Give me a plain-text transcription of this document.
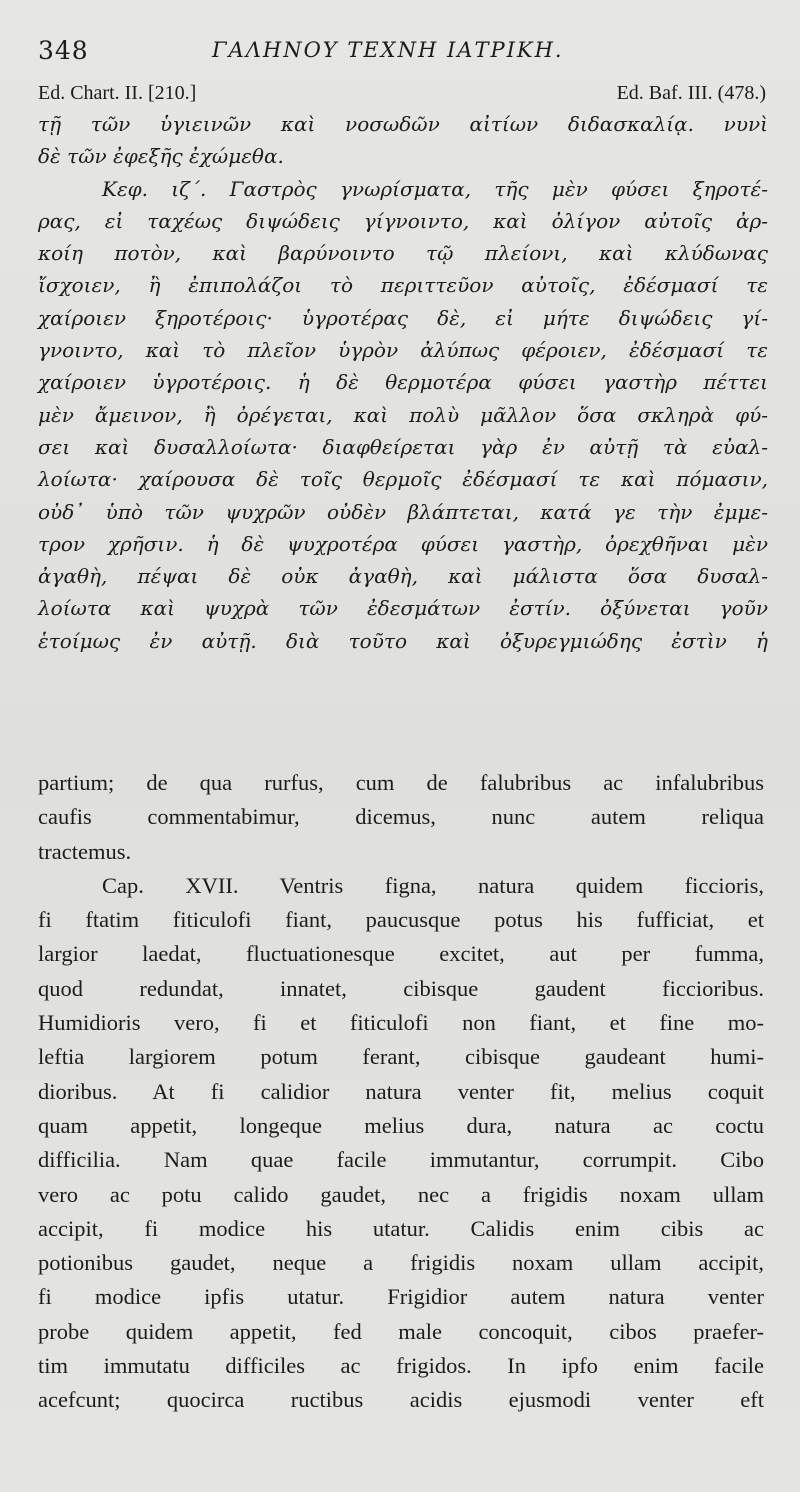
348	ΓΑΛΗΝΟΥ ΤΕΧΝΗ ΙΑΤΡΙΚΗ.
Ed. Chart. II. [210.]	Ed. Baf. III. (478.)
τῇ τῶν ὑγιεινῶν καὶ νοσωδῶν αἰτίων διδασκαλίᾳ. νυνὶ
δὲ τῶν ἐφεξῆς ἐχώμεθα.
Κεφ. ιζ΄. Γαστρὸς γνωρίσματα, τῆς μὲν φύσει ξηροτέ-
ρας, εἰ ταχέως διψώδεις γίγνοιντο, καὶ ὀλίγον αὐτοῖς ἀρ-
κοίη ποτὸν, καὶ βαρύνοιντο τῷ πλείονι, καὶ κλύδωνας
ἴσχοιεν, ἢ ἐπιπολάζοι τὸ περιττεῦον αὐτοῖς, ἐδέσμασί τε
χαίροιεν ξηροτέροις· ὑγροτέρας δὲ, εἰ μήτε διψώδεις γί-
γνοιντο, καὶ τὸ πλεῖον ὑγρὸν ἀλύπως φέροιεν, ἐδέσμασί τε
χαίροιεν ὑγροτέροις. ἡ δὲ θερμοτέρα φύσει γαστὴρ πέττει
μὲν ἄμεινον, ἢ ὀρέγεται, καὶ πολὺ μᾶλλον ὅσα σκληρὰ φύ-
σει καὶ δυσαλλοίωτα· διαφθείρεται γὰρ ἐν αὐτῇ τὰ εὐαλ-
λοίωτα· χαίρουσα δὲ τοῖς θερμοῖς ἐδέσμασί τε καὶ πόμασιν,
οὐδ᾽ ὑπὸ τῶν ψυχρῶν οὐδὲν βλάπτεται, κατά γε τὴν ἐμμε-
τρον χρῆσιν. ἡ δὲ ψυχροτέρα φύσει γαστὴρ, ὀρεχθῆναι μὲν
ἀγαθὴ, πέψαι δὲ οὐκ ἀγαθὴ, καὶ μάλιστα ὅσα δυσαλ-
λοίωτα καὶ ψυχρὰ τῶν ἐδεσμάτων ἐστίν. ὀξύνεται γοῦν
ἑτοίμως ἐν αὐτῇ. διὰ τοῦτο καὶ ὀξυρεγμιώδης ἐστὶν ἡ
partium; de qua rurfus, cum de falubribus ac infalubribus
caufis commentabimur, dicemus, nunc autem reliqua
tractemus.
Cap. XVII. Ventris figna, natura quidem ficcioris,
fi ftatim fiticulofi fiant, paucusque potus his fufficiat, et
largior laedat, fluctuationesque excitet, aut per fumma,
quod redundat, innatet, cibisque gaudent ficcioribus.
Humidioris vero, fi et fiticulofi non fiant, et fine mo-
leftia largiorem potum ferant, cibisque gaudeant humi-
dioribus. At fi calidior natura venter fit, melius coquit
quam appetit, longeque melius dura, natura ac coctu
difficilia. Nam quae facile immutantur, corrumpit. Cibo
vero ac potu calido gaudet, nec a frigidis noxam ullam
accipit, fi modice his utatur. Calidis enim cibis ac
potionibus gaudet, neque a frigidis noxam ullam accipit,
fi modice ipfis utatur. Frigidior autem natura venter
probe quidem appetit, fed male concoquit, cibos praefer-
tim immutatu difficiles ac frigidos. In ipfo enim facile
acefcunt; quocirca ructibus acidis ejusmodi venter eft
